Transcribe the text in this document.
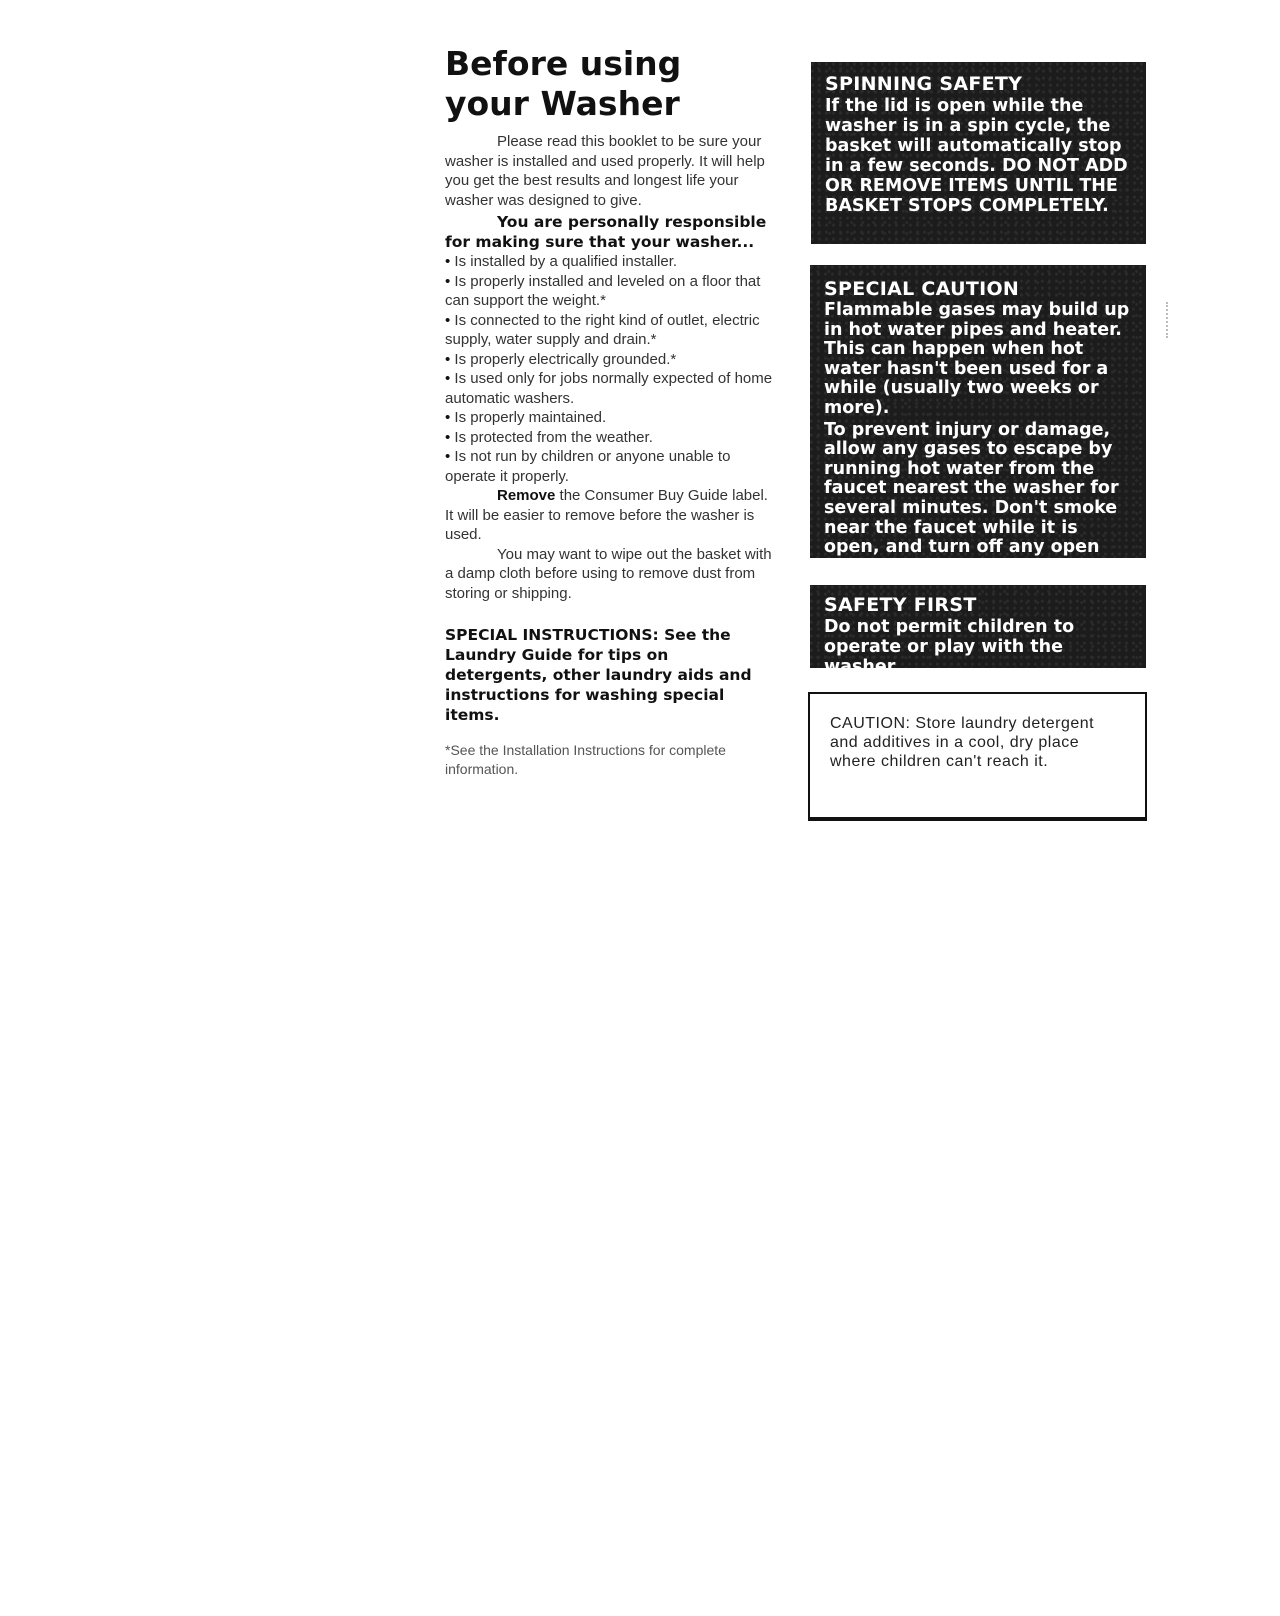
Before using
your Washer

Please read this booklet to be sure your washer is installed and used properly. It will help you get the best results and longest life your washer was designed to give.

You are personally responsible for making sure that your washer...

• Is installed by a qualified installer.
• Is properly installed and leveled on a floor that can support the weight.*
• Is connected to the right kind of outlet, electric supply, water supply and drain.*
• Is properly electrically grounded.*
• Is used only for jobs normally expected of home automatic washers.
• Is properly maintained.
• Is protected from the weather.
• Is not run by children or anyone unable to operate it properly.

Remove the Consumer Buy Guide label. It will be easier to remove before the washer is used.

You may want to wipe out the basket with a damp cloth before using to remove dust from storing or shipping.

SPECIAL INSTRUCTIONS: See the Laundry Guide for tips on detergents, other laundry aids and instructions for washing special items.

*See the Installation Instructions for complete information.

SPINNING SAFETY
If the lid is open while the washer is in a spin cycle, the basket will automatically stop in a few seconds. DO NOT ADD OR REMOVE ITEMS UNTIL THE BASKET STOPS COMPLETELY.
SPECIAL CAUTION
Flammable gases may build up in hot water pipes and heater. This can happen when hot water hasn't been used for a while (usually two weeks or more).
To prevent injury or damage, allow any gases to escape by running hot water from the faucet nearest the washer for several minutes. Don't smoke near the faucet while it is open, and turn off any open flame.
SAFETY FIRST
Do not permit children to operate or play with the washer.
CAUTION: Store laundry detergent and additives in a cool, dry place where children can't reach it.
